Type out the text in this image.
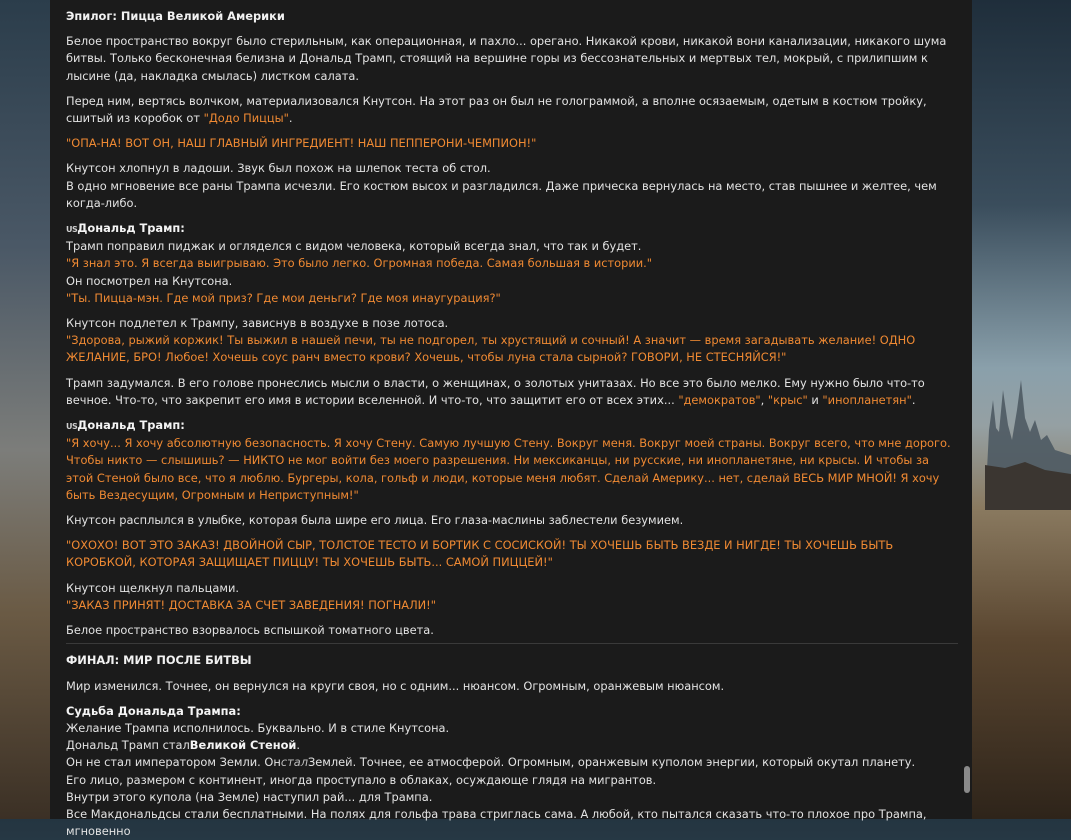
Эпилог: Пицца Великой Америки

Белое пространство вокруг было стерильным, как операционная, и пахло... орегано. Никакой крови, никакой вони канализации, никакого шума битвы. Только бесконечная белизна и Дональд Трамп, стоящий на вершине горы из бессознательных и мертвых тел, мокрый, с прилипшим к лысине (да, накладка смылась) листком салата.

Перед ним, вертясь волчком, материализовался Кнутсон. На этот раз он был не голограммой, а вполне осязаемым, одетым в костюм тройку, сшитый из коробок от "Додо Пиццы".

"ОПА-НА! ВОТ ОН, НАШ ГЛАВНЫЙ ИНГРЕДИЕНТ! НАШ ПЕППЕРОНИ-ЧЕМПИОН!"

Кнутсон хлопнул в ладоши. Звук был похож на шлепок теста об стол.
В одно мгновение все раны Трампа исчезли. Его костюм высох и разгладился. Даже прическа вернулась на место, став пышнее и желтее, чем когда-либо.

USДональд Трамп:
Трамп поправил пиджак и огляделся с видом человека, который всегда знал, что так и будет.
"Я знал это. Я всегда выигрываю. Это было легко. Огромная победа. Самая большая в истории."
Он посмотрел на Кнутсона.
"Ты. Пицца-мэн. Где мой приз? Где мои деньги? Где моя инаугурация?"

Кнутсон подлетел к Трампу, зависнув в воздухе в позе лотоса.
"Здорова, рыжий коржик! Ты выжил в нашей печи, ты не подгорел, ты хрустящий и сочный! А значит — время загадывать желание! ОДНО ЖЕЛАНИЕ, БРО! Любое! Хочешь соус ранч вместо крови? Хочешь, чтобы луна стала сырной? ГОВОРИ, НЕ СТЕСНЯЙСЯ!"

Трамп задумался. В его голове пронеслись мысли о власти, о женщинах, о золотых унитазах. Но все это было мелко. Ему нужно было что-то вечное. Что-то, что закрепит его имя в истории вселенной. И что-то, что защитит его от всех этих... "демократов", "крыс" и "инопланетян".

USДональд Трамп:
"Я хочу... Я хочу абсолютную безопасность. Я хочу Стену. Самую лучшую Стену. Вокруг меня. Вокруг моей страны. Вокруг всего, что мне дорого. Чтобы никто — слышишь? — НИКТО не мог войти без моего разрешения. Ни мексиканцы, ни русские, ни инопланетяне, ни крысы. И чтобы за этой Стеной было все, что я люблю. Бургеры, кола, гольф и люди, которые меня любят. Сделай Америку... нет, сделай ВЕСЬ МИР МНОЙ! Я хочу быть Вездесущим, Огромным и Неприступным!"

Кнутсон расплылся в улыбке, которая была шире его лица. Его глаза-маслины заблестели безумием.

"ОХОХО! ВОТ ЭТО ЗАКАЗ! ДВОЙНОЙ СЫР, ТОЛСТОЕ ТЕСТО И БОРТИК С СОСИСКОЙ! ТЫ ХОЧЕШЬ БЫТЬ ВЕЗДЕ И НИГДЕ! ТЫ ХОЧЕШЬ БЫТЬ КОРОБКОЙ, КОТОРАЯ ЗАЩИЩАЕТ ПИЦЦУ! ТЫ ХОЧЕШЬ БЫТЬ... САМОЙ ПИЦЦЕЙ!"

Кнутсон щелкнул пальцами.
"ЗАКАЗ ПРИНЯТ! ДОСТАВКА ЗА СЧЕТ ЗАВЕДЕНИЯ! ПОГНАЛИ!"

Белое пространство взорвалось вспышкой томатного цвета.

ФИНАЛ: МИР ПОСЛЕ БИТВЫ

Мир изменился. Точнее, он вернулся на круги своя, но с одним... нюансом. Огромным, оранжевым нюансом.

Судьба Дональда Трампа:
Желание Трампа исполнилось. Буквально. И в стиле Кнутсона.
Дональд Трамп сталВеликой Стеной.
Он не стал императором Земли. ОнсталЗемлей. Точнее, ее атмосферой. Огромным, оранжевым куполом энергии, который окутал планету.
Его лицо, размером с континент, иногда проступало в облаках, осуждающе глядя на мигрантов.
Внутри этого купола (на Земле) наступил рай... для Трампа.
Все Макдональдсы стали бесплатными. На полях для гольфа трава стриглась сама. А любой, кто пытался сказать что-то плохое про Трампа, мгновенно
